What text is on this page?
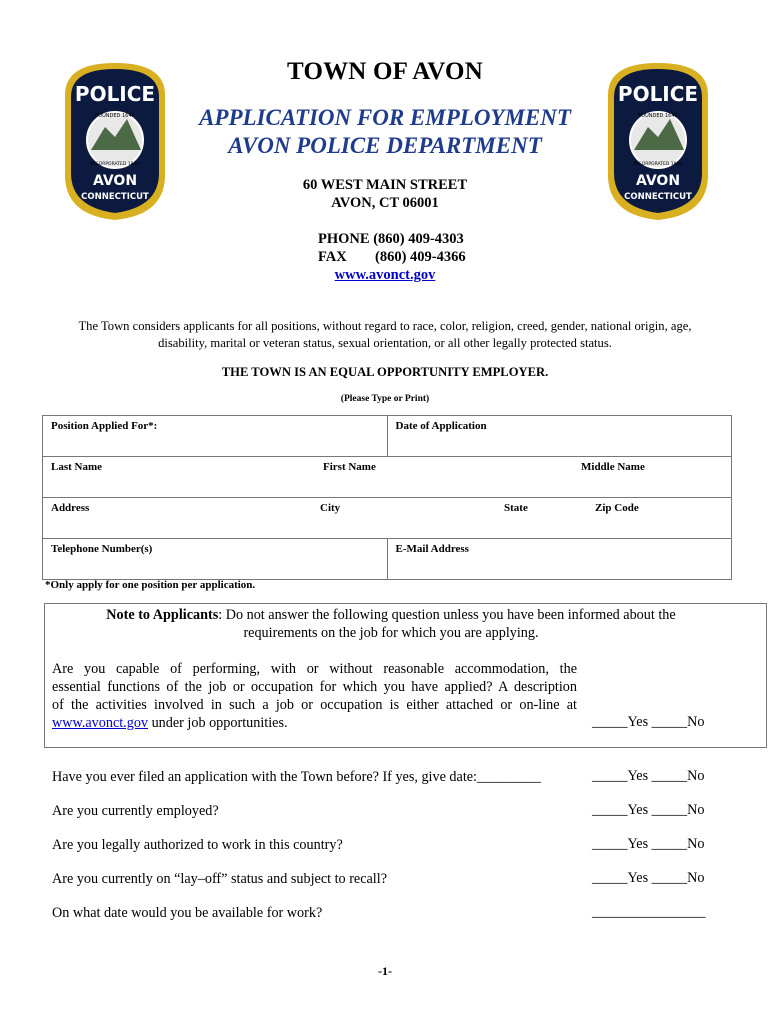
POLICE
FOUNDED 1645
INCORPORATED 1830
AVON
CONNECTICUT
POLICE
FOUNDED 1645
INCORPORATED 1830
AVON
CONNECTICUT
TOWN OF AVON
APPLICATION FOR EMPLOYMENT
AVON POLICE DEPARTMENT
60 WEST MAIN STREET
AVON, CT 06001
PHONE (860) 409-4303
FAX (860) 409-4366
www.avonct.gov
The Town considers applicants for all positions, without regard to race, color, religion, creed, gender, national origin, age,
disability, marital or veteran status, sexual orientation, or all other legally protected status.
THE TOWN IS AN EQUAL OPPORTUNITY EMPLOYER.
(Please Type or Print)
Position Applied For*:	Date of Application

Last Name First Name Middle Name	

Address City State Zip Code	

Telephone Number(s)	E-Mail Address
*Only apply for one position per application.
Note to Applicants: Do not answer the following question unless you have been informed about the
requirements on the job for which you are applying.
Are you capable of performing, with or without reasonable accommodation, the
essential functions of the job or occupation for which you have applied? A description
of the activities involved in such a job or occupation is either attached or on-line at
www.avonct.gov under job opportunities.	_____Yes _____No
Have you ever filed an application with the Town before? If yes, give date:_________	_____Yes _____No
Are you currently employed?	_____Yes _____No
Are you legally authorized to work in this country?	_____Yes _____No
Are you currently on “lay–off” status and subject to recall?	_____Yes _____No
On what date would you be available for work?	________________
-1-
